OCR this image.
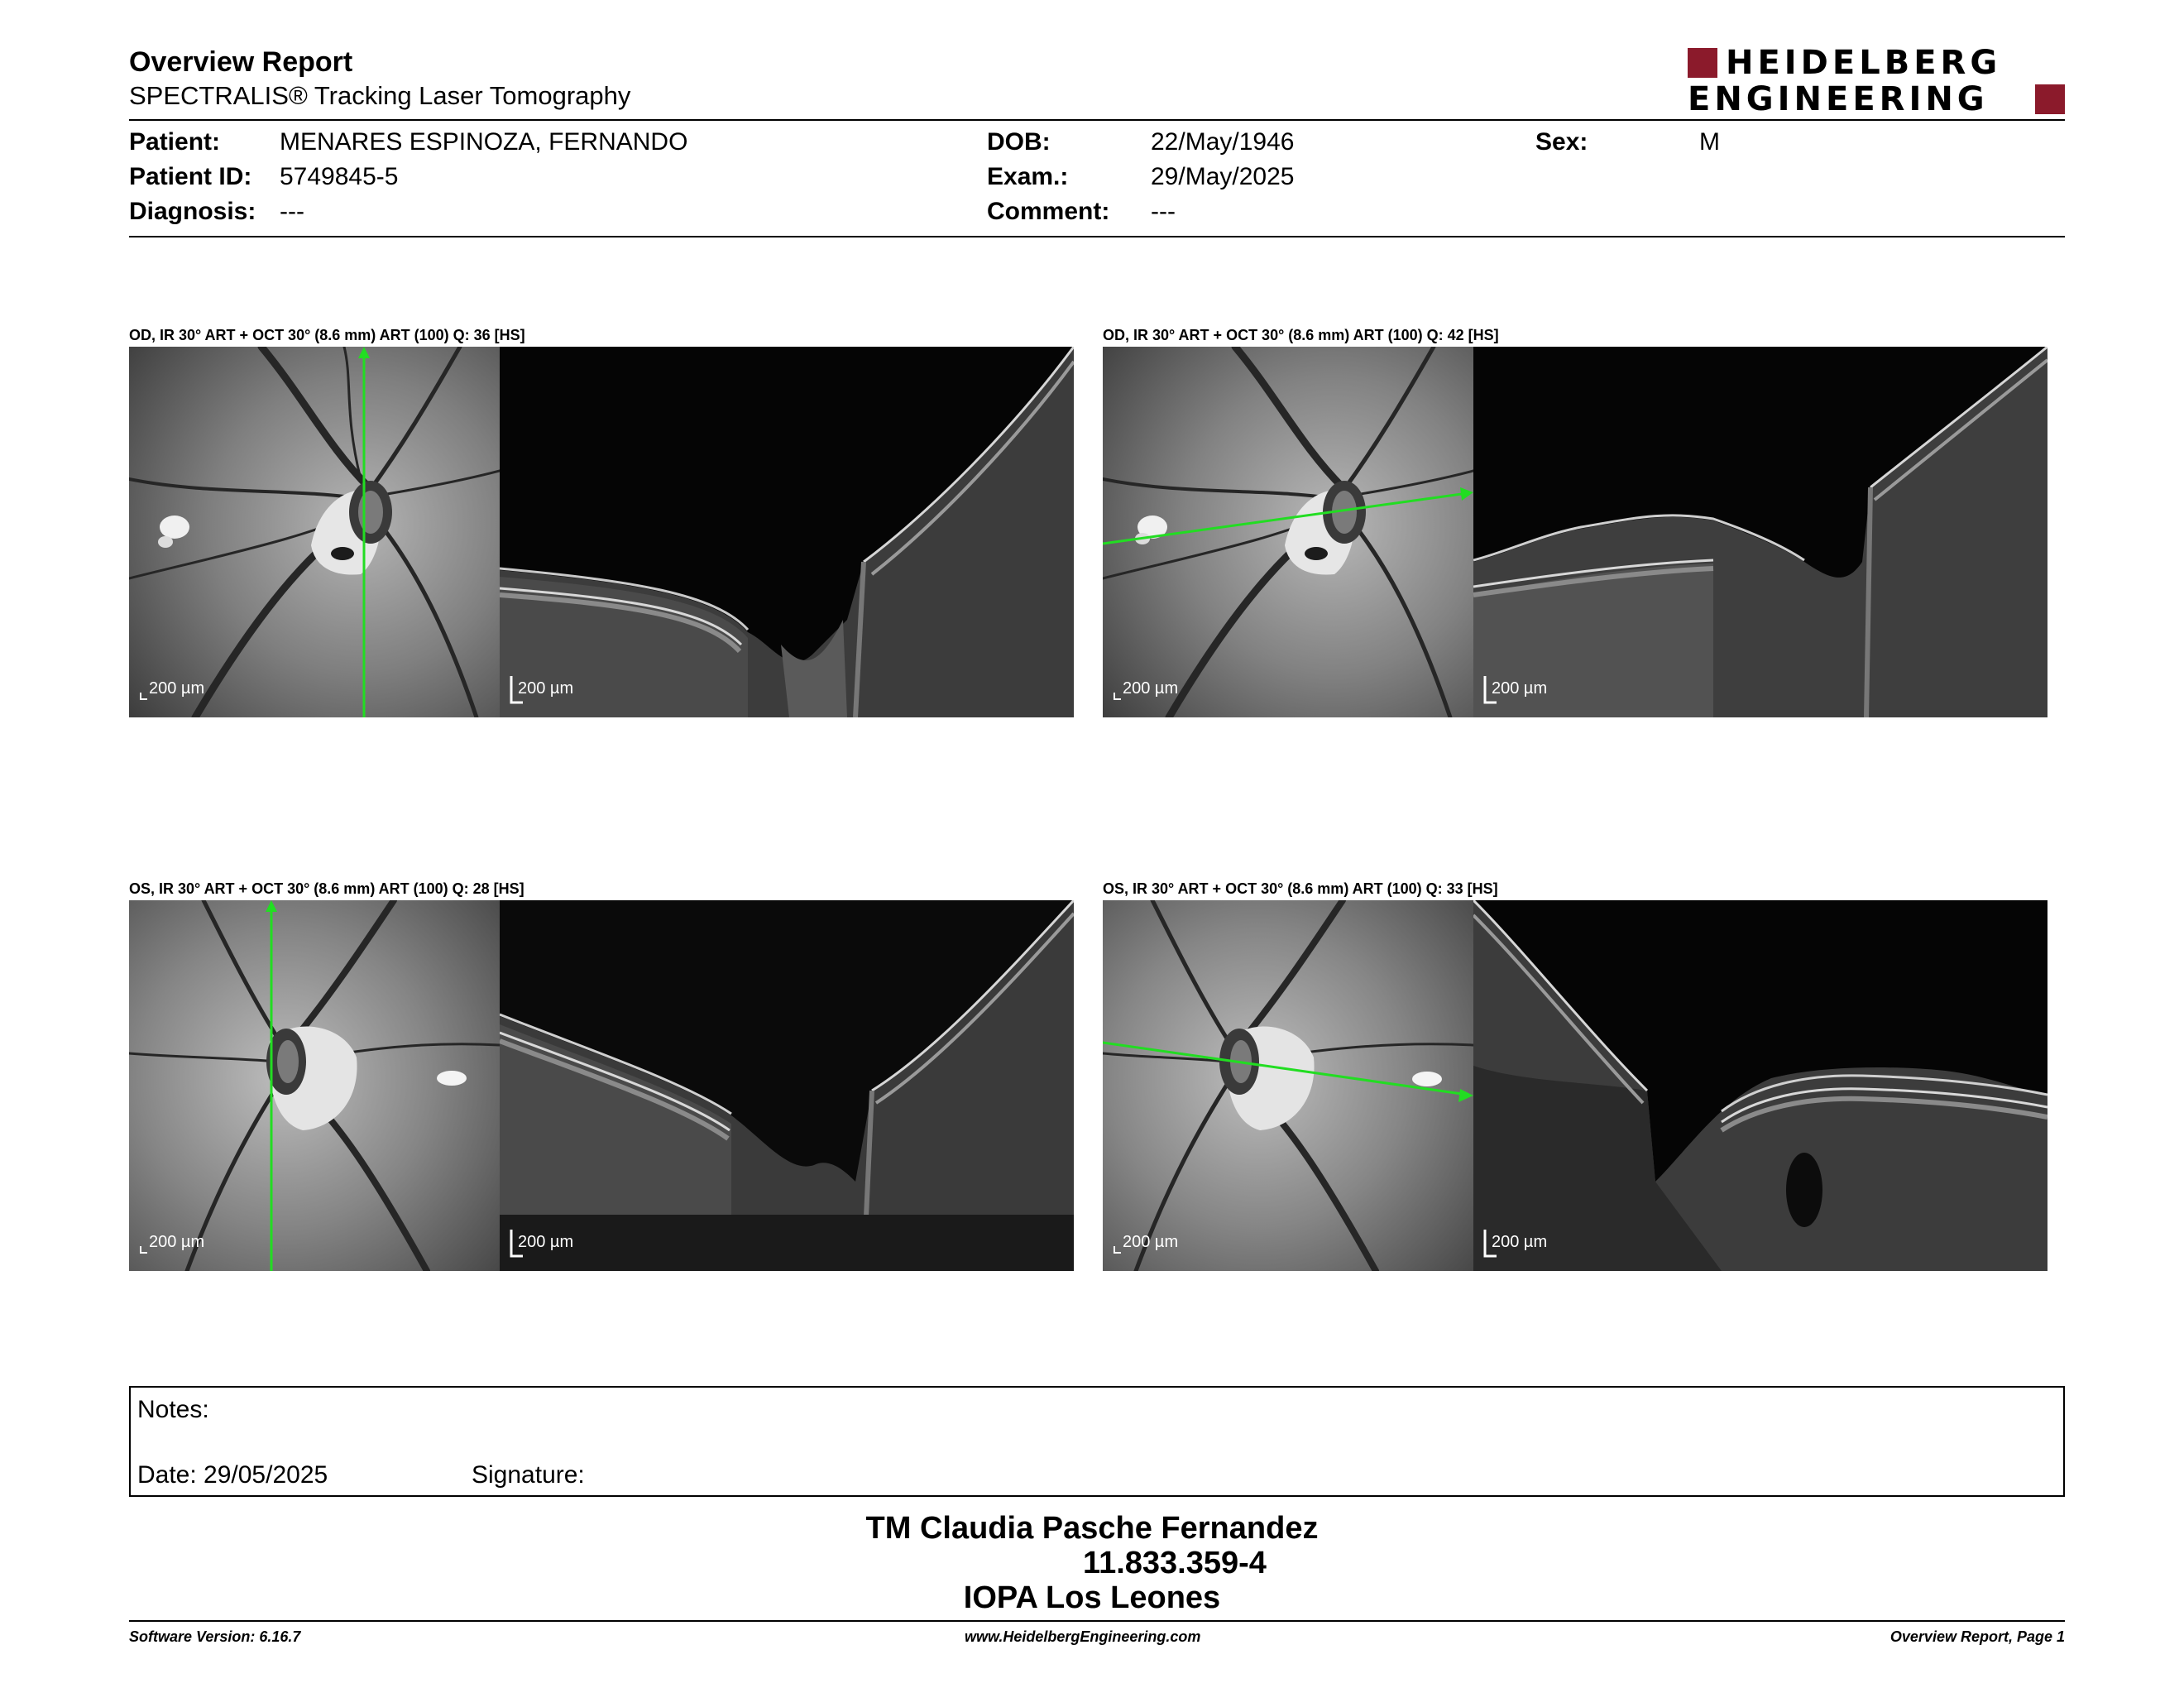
Overview Report
SPECTRALIS® Tracking Laser Tomography
HEIDELBERG
ENGINEERING
Patient: MENARES ESPINOZA, FERNANDO
Patient ID: 5749845-5
Diagnosis: ---
DOB:	22/May/1946
Exam.:	29/May/2025
Comment: ---
Sex:	M
OD, IR 30° ART + OCT 30° (8.6 mm) ART (100) Q: 36 [HS]
200 µm	200 µm
OD, IR 30° ART + OCT 30° (8.6 mm) ART (100) Q: 42 [HS]
200 µm	200 µm
OS, IR 30° ART + OCT 30° (8.6 mm) ART (100) Q: 28 [HS]
200 µm	200 µm
OS, IR 30° ART + OCT 30° (8.6 mm) ART (100) Q: 33 [HS]
200 µm	200 µm
Notes:
Date: 29/05/2025	Signature:
TM Claudia Pasche Fernandez
11.833.359-4
IOPA Los Leones
Software Version: 6.16.7	www.HeidelbergEngineering.com	Overview Report, Page 1
